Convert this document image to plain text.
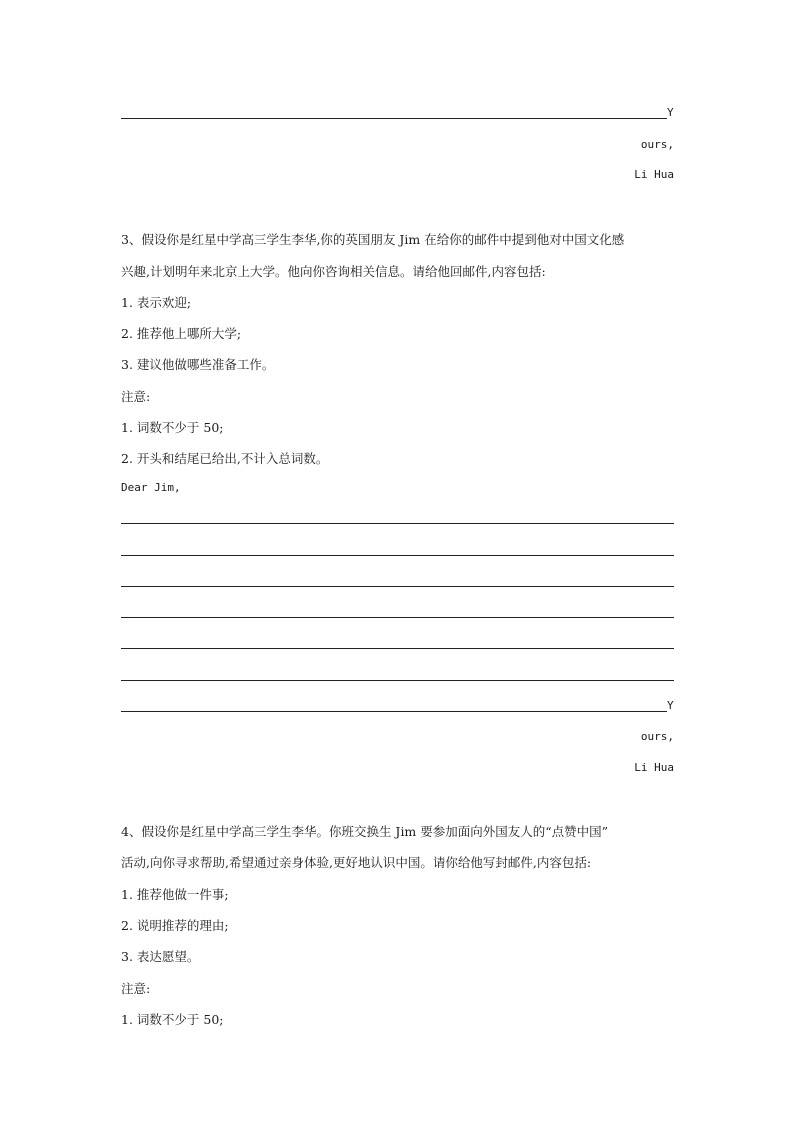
Y
ours,
Li Hua
3、假设你是红星中学高三学生李华,你的英国朋友 Jim 在给你的邮件中提到他对中国文化感
兴趣,计划明年来北京上大学。他向你咨询相关信息。请给他回邮件,内容包括:
1. 表示欢迎;
2. 推荐他上哪所大学;
3. 建议他做哪些准备工作。
注意:
1. 词数不少于 50;
2. 开头和结尾已给出,不计入总词数。
Dear Jim,
Y
ours,
Li Hua
4、假设你是红星中学高三学生李华。你班交换生 Jim 要参加面向外国友人的“点赞中国”
活动,向你寻求帮助,希望通过亲身体验,更好地认识中国。请你给他写封邮件,内容包括:
1. 推荐他做一件事;
2. 说明推荐的理由;
3. 表达愿望。
注意:
1. 词数不少于 50;
